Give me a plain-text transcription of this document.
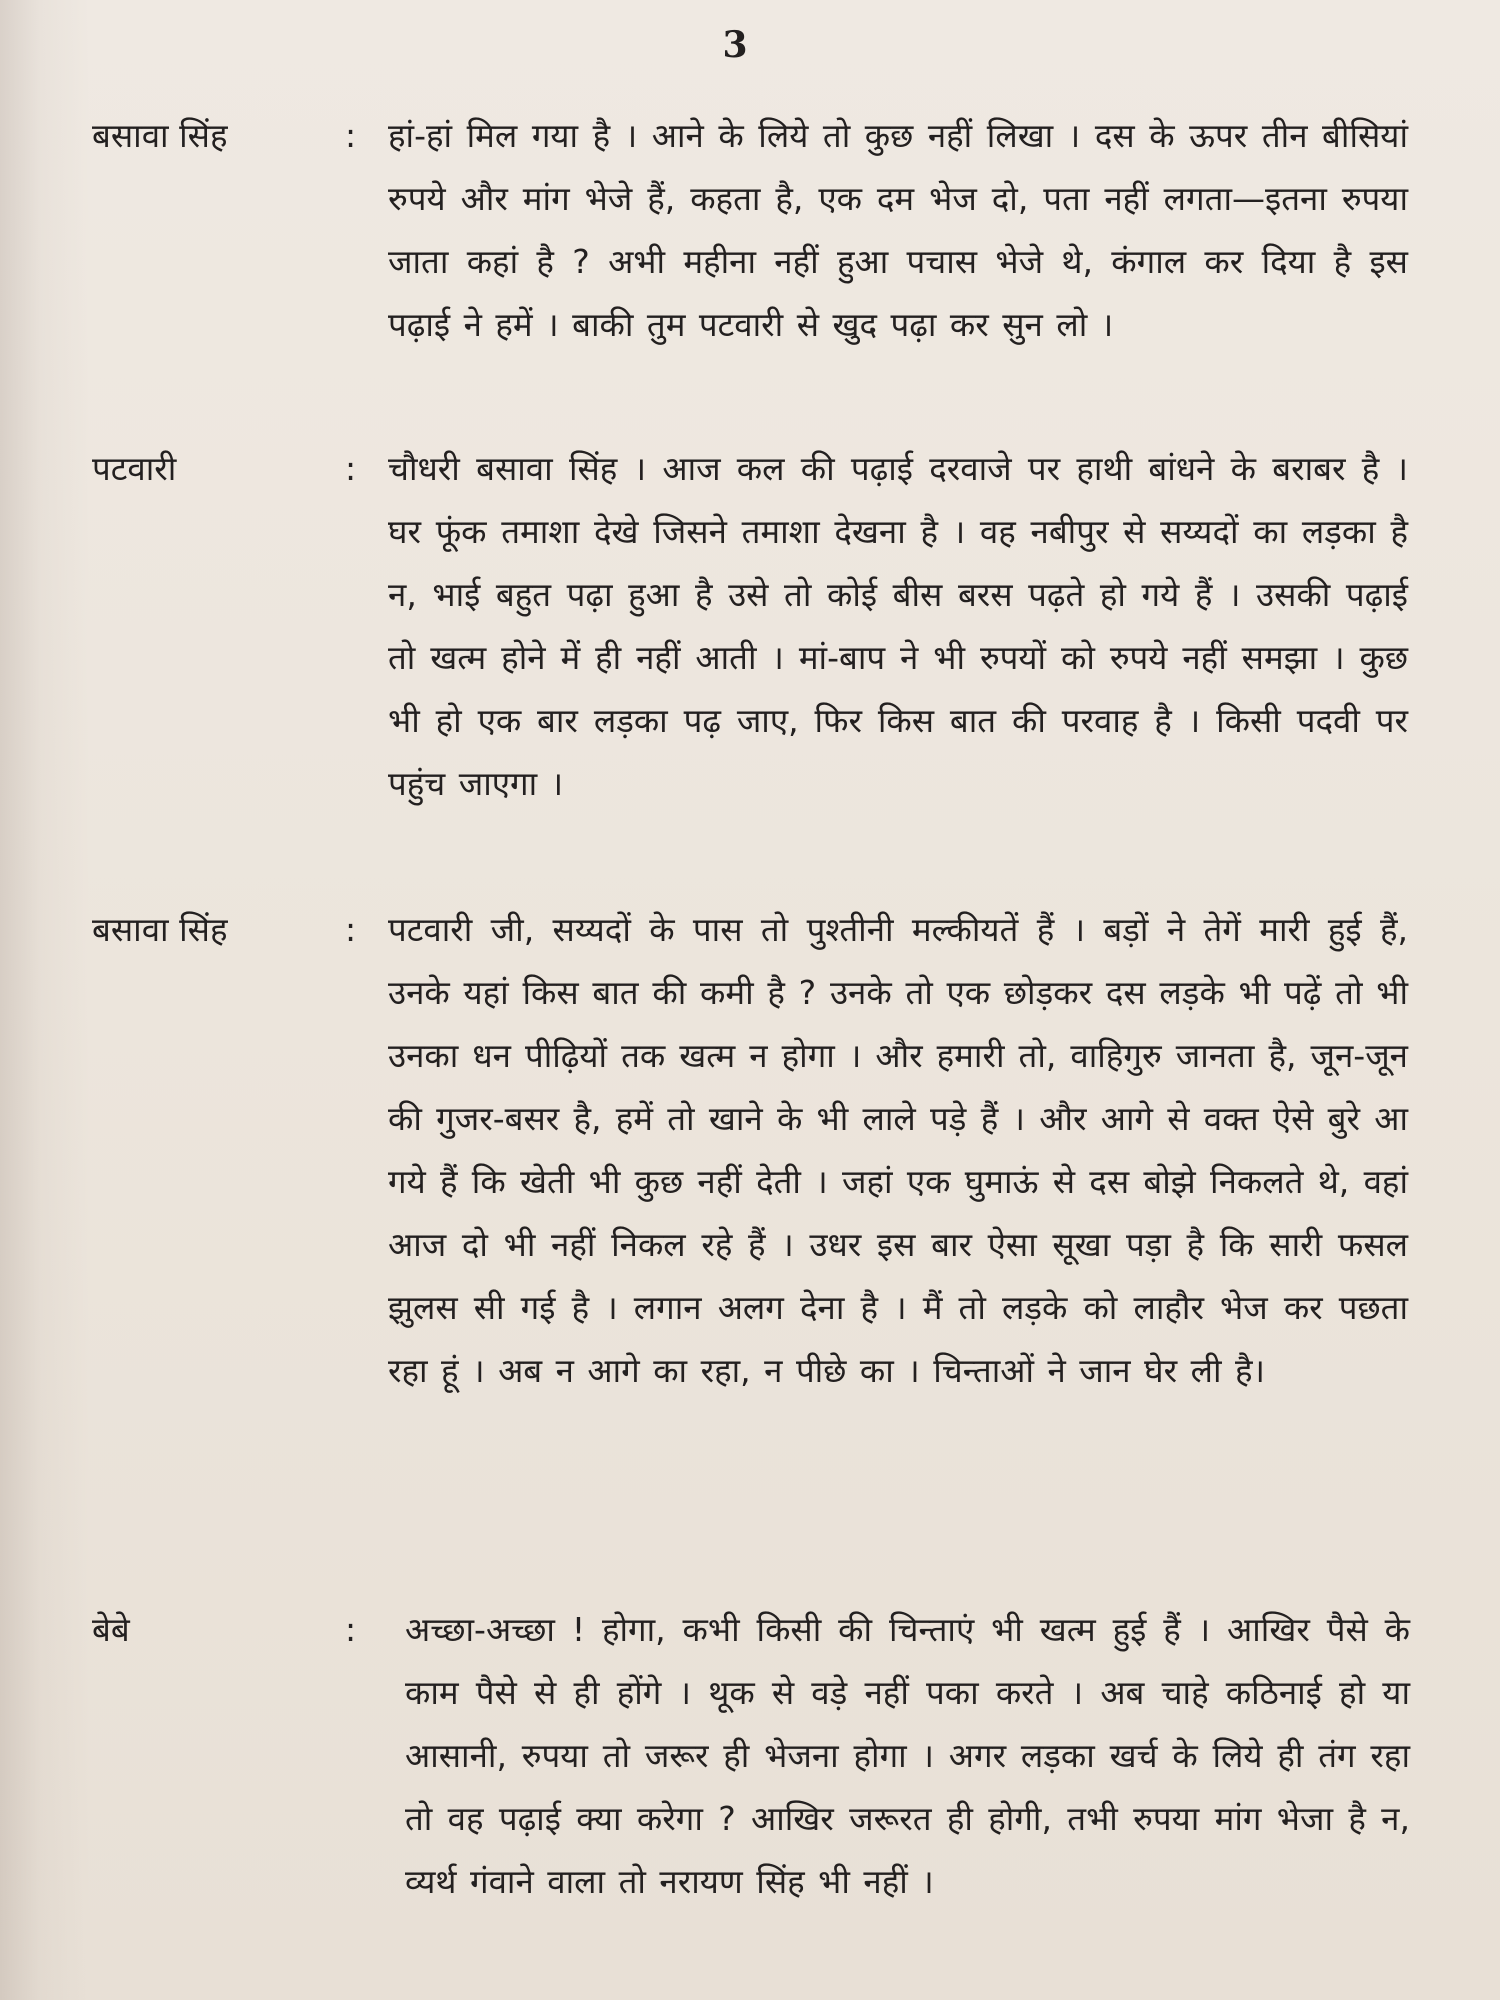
3
बसावा सिंह	: हां-हां मिल गया है । आने के लिये तो कुछ नहीं लिखा । दस के ऊपर तीन बीसियां रुपये और मांग भेजे हैं, कहता है, एक दम भेज दो, पता नहीं लगता—इतना रुपया जाता कहां है ? अभी महीना नहीं हुआ पचास भेजे थे, कंगाल कर दिया है इस पढ़ाई ने हमें । बाकी तुम पटवारी से खुद पढ़ा कर सुन लो ।
पटवारी	: चौधरी बसावा सिंह । आज कल की पढ़ाई दरवाजे पर हाथी बांधने के बराबर है । घर फूंक तमाशा देखे जिसने तमाशा देखना है । वह नबीपुर से सय्यदों का लड़का है न, भाई बहुत पढ़ा हुआ है उसे तो कोई बीस बरस पढ़ते हो गये हैं । उसकी पढ़ाई तो खत्म होने में ही नहीं आती । मां-बाप ने भी रुपयों को रुपये नहीं समझा । कुछ भी हो एक बार लड़का पढ़ जाए, फिर किस बात की परवाह है । किसी पदवी पर पहुंच जाएगा ।
बसावा सिंह	: पटवारी जी, सय्यदों के पास तो पुश्तीनी मल्कीयतें हैं । बड़ों ने तेगें मारी हुई हैं, उनके यहां किस बात की कमी है ? उनके तो एक छोड़कर दस लड़के भी पढ़ें तो भी उनका धन पीढ़ियों तक खत्म न होगा । और हमारी तो, वाहिगुरु जानता है, जून-जून की गुजर-बसर है, हमें तो खाने के भी लाले पड़े हैं । और आगे से वक्त ऐसे बुरे आ गये हैं कि खेती भी कुछ नहीं देती । जहां एक घुमाऊं से दस बोझे निकलते थे, वहां आज दो भी नहीं निकल रहे हैं । उधर इस बार ऐसा सूखा पड़ा है कि सारी फसल झुलस सी गई है । लगान अलग देना है । मैं तो लड़के को लाहौर भेज कर पछता रहा हूं । अब न आगे का रहा, न पीछे का । चिन्ताओं ने जान घेर ली है।
बेबे	: अच्छा-अच्छा ! होगा, कभी किसी की चिन्ताएं भी खत्म हुई हैं । आखिर पैसे के काम पैसे से ही होंगे । थूक से वड़े नहीं पका करते । अब चाहे कठिनाई हो या आसानी, रुपया तो जरूर ही भेजना होगा । अगर लड़का खर्च के लिये ही तंग रहा तो वह पढ़ाई क्या करेगा ? आखिर जरूरत ही होगी, तभी रुपया मांग भेजा है न, व्यर्थ गंवाने वाला तो नरायण सिंह भी नहीं ।
